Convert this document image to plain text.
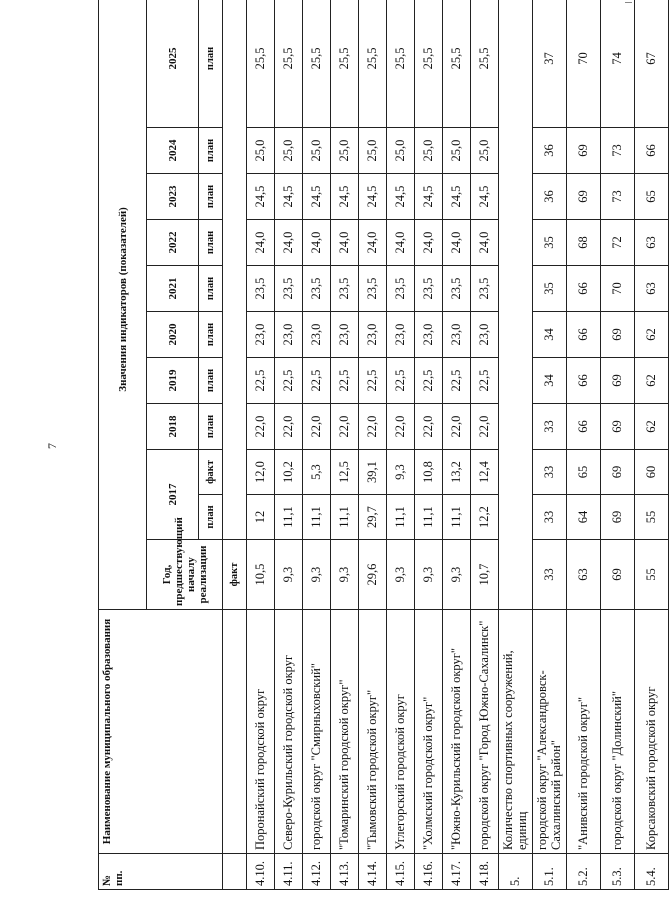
7
№ пп.	Наименование муниципального образования	Значения индикаторов (показателей)										
		Год, предшествующий началу реализации	2017		2018	2019	2020	2021	2022	2023	2024	2025
			план	факт	план	план	план	план	план	план	план	план
		факт										
4.10.	Поронайский городской округ	10,5	12	12,0	22,0	22,5	23,0	23,5	24,0	24,5	25,0	25,5
4.11.	Северо-Курильский городской округ	9,3	11,1	10,2	22,0	22,5	23,0	23,5	24,0	24,5	25,0	25,5
4.12.	городской округ "Смирныховский"	9,3	11,1	5,3	22,0	22,5	23,0	23,5	24,0	24,5	25,0	25,5
4.13.	"Томаринский городской округ"	9,3	11,1	12,5	22,0	22,5	23,0	23,5	24,0	24,5	25,0	25,5
4.14.	"Тымовский городской округ"	29,6	29,7	39,1	22,0	22,5	23,0	23,5	24,0	24,5	25,0	25,5
4.15.	Углегорский городской округ	9,3	11,1	9,3	22,0	22,5	23,0	23,5	24,0	24,5	25,0	25,5
4.16.	"Холмский городской округ"	9,3	11,1	10,8	22,0	22,5	23,0	23,5	24,0	24,5	25,0	25,5
4.17.	"Южно-Курильский городской округ"	9,3	11,1	13,2	22,0	22,5	23,0	23,5	24,0	24,5	25,0	25,5
4.18.	городской округ "Город Южно-Сахалинск"	10,7	12,2	12,4	22,0	22,5	23,0	23,5	24,0	24,5	25,0	25,5
5.	Количество спортивных сооружений, единиц											
5.1.	городской округ "Александровск-Сахалинский район"	33	33	33	33	34	34	35	35	36	36	37
5.2.	"Анивский городской округ"	63	64	65	66	66	66	66	68	69	69	70
5.3.	городской округ "Долинский"	69	69	69	69	69	69	70	72	73	73	74
5.4.	Корсаковский городской округ	55	55	60	62	62	62	63	63	65	66	67
